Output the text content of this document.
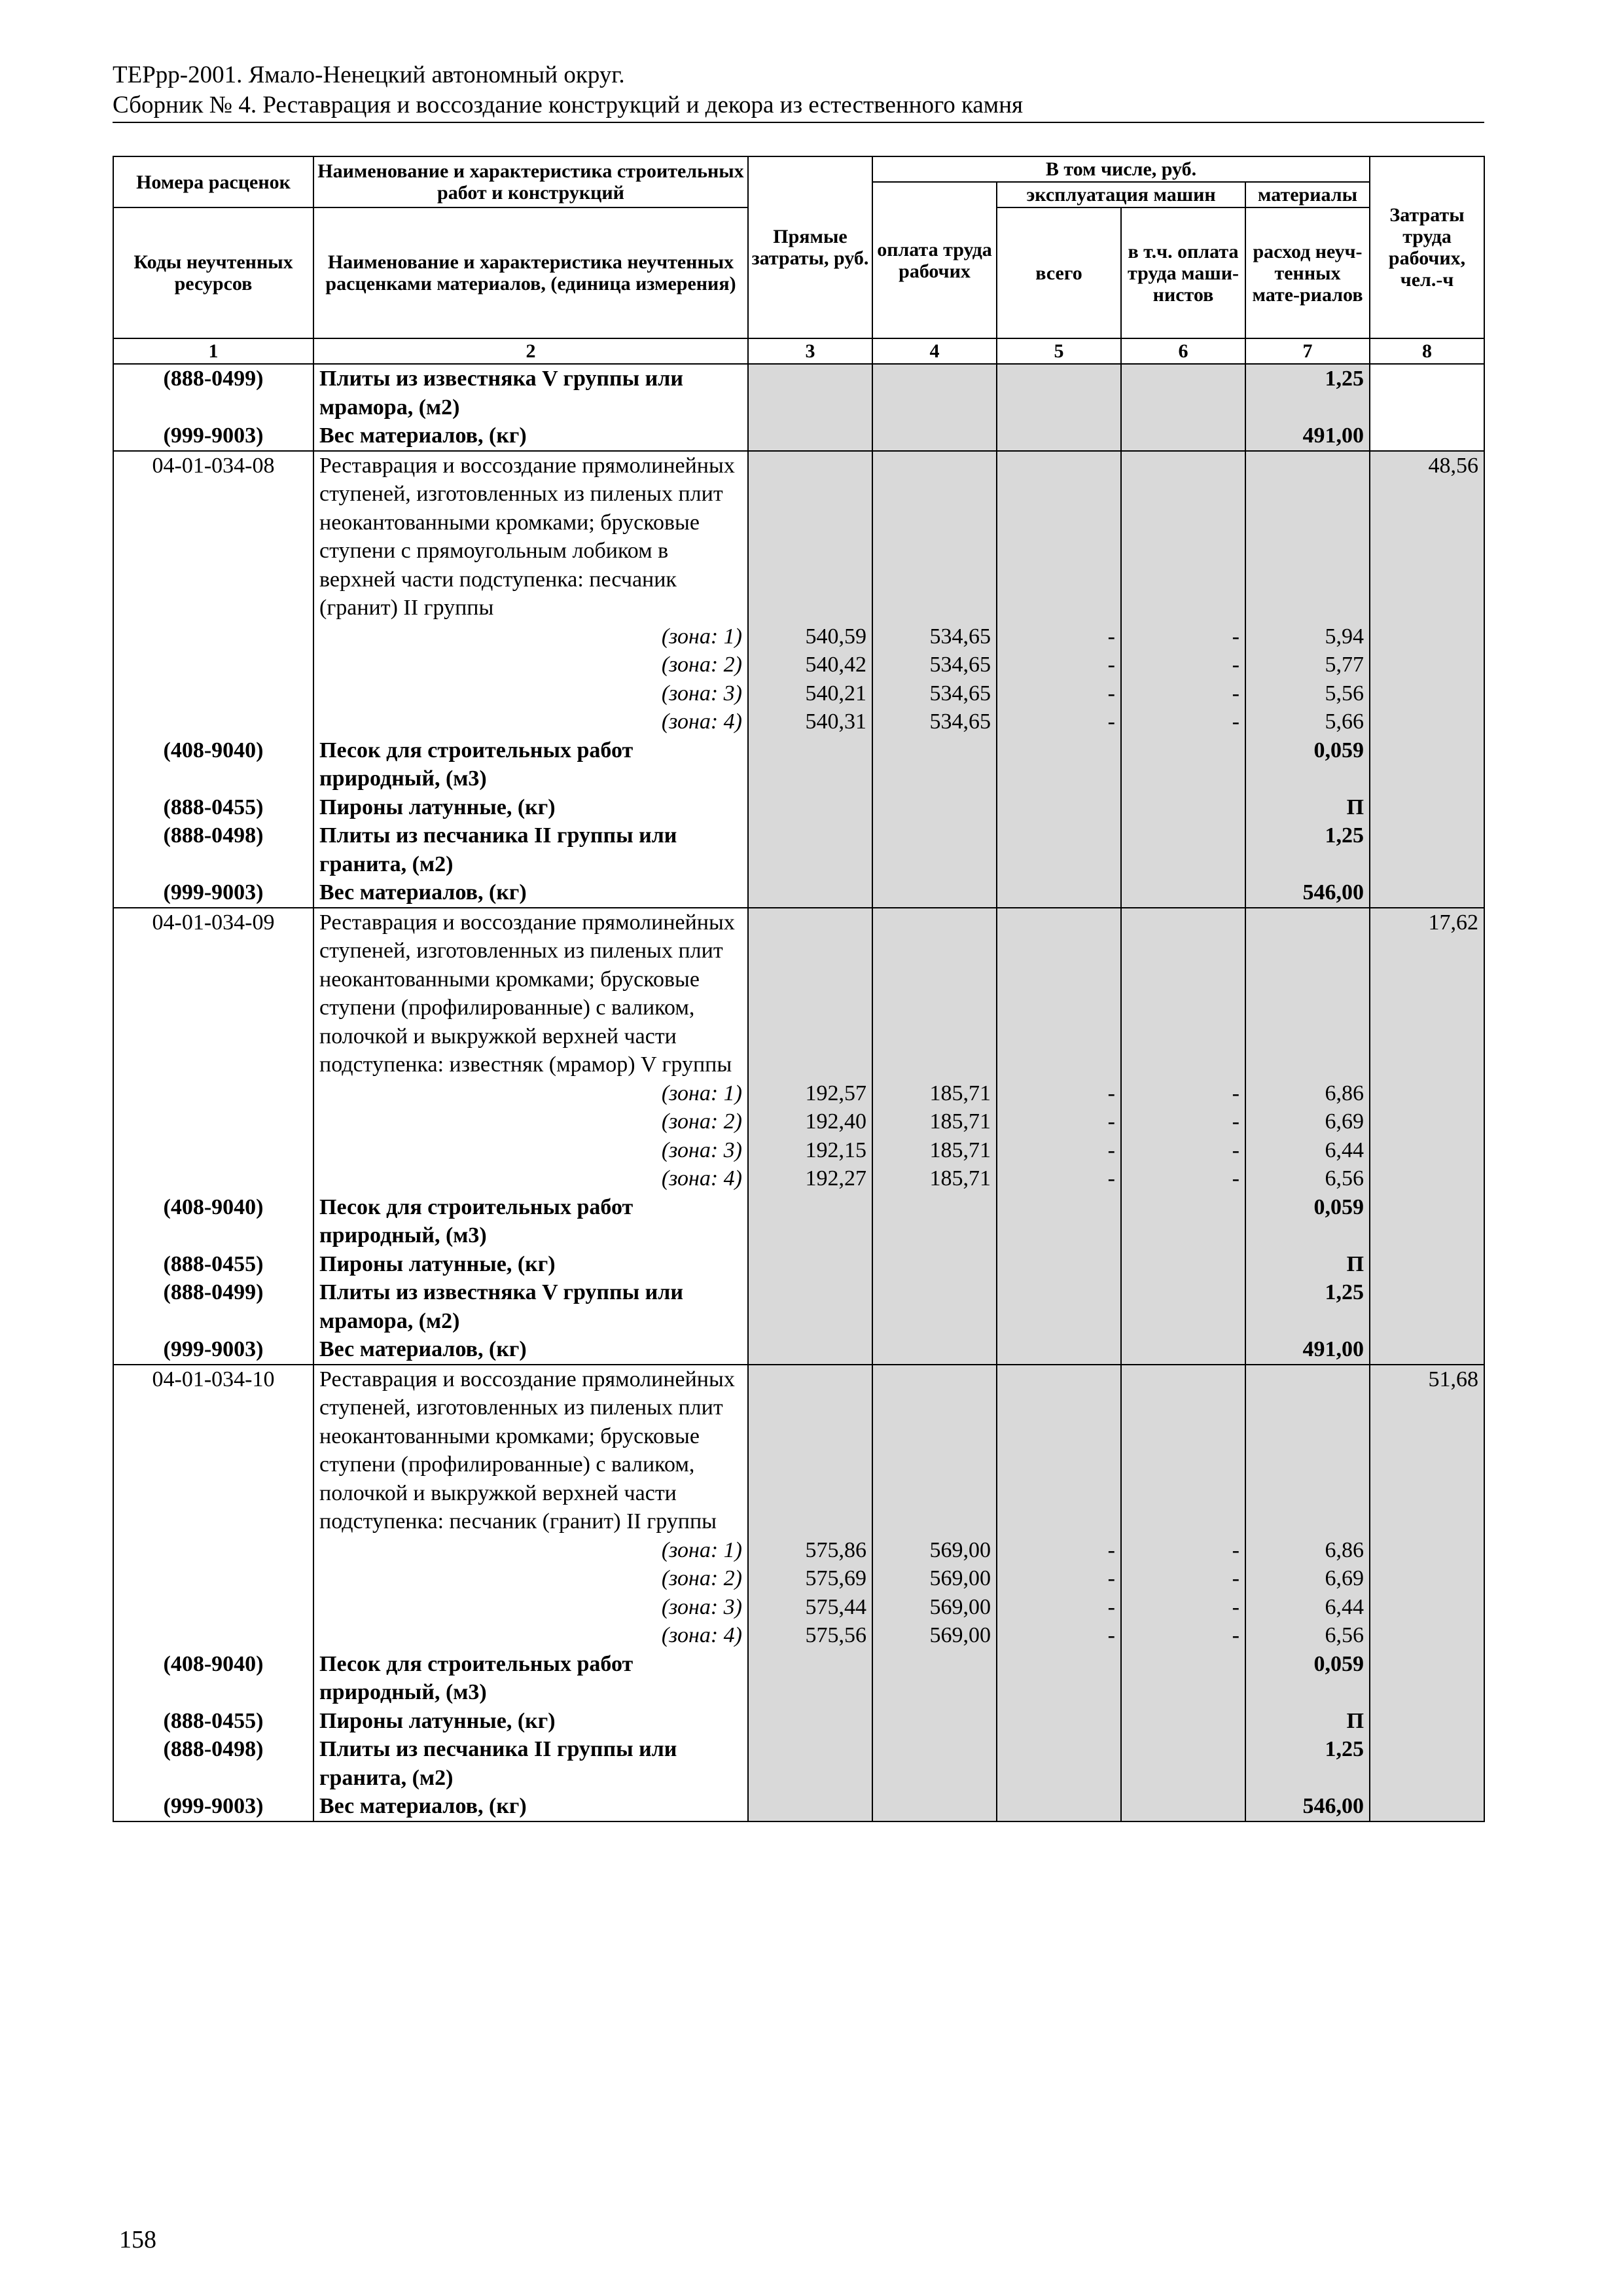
ТЕРрр-2001. Ямало-Ненецкий автономный округ.
Сборник № 4. Реставрация и воссоздание конструкций и декора из естественного камня
Номера расценок	Наименование и характеристика строительных работ и конструкций	Прямые затраты, руб.	В том числе, руб.				Затраты труда рабочих, чел.-ч
			оплата труда рабочих	эксплуатация машин		материалы	
Коды неучтенных ресурсов	Наименование и характеристика неучтенных расценками материалов, (единица измерения)			всего	в т.ч. оплата труда маши-нистов	расход неуч-тенных мате-риалов	

1	2	3	4	5	6	7	8
(888-0499)	Плиты из известняка V группы или мрамора, (м2)					1,25	
(999-9003)	Вес материалов, (кг)					491,00	
04-01-034-08	Реставрация и воссоздание прямолинейных ступеней, изготовленных из пиленых плит неокантованными кромками; брусковые ступени с прямоугольным лобиком в верхней части подступенка: песчаник (гранит) II группы						48,56
	(зона: 1)	540,59	534,65	-	-	5,94	
	(зона: 2)	540,42	534,65	-	-	5,77	
	(зона: 3)	540,21	534,65	-	-	5,56	
	(зона: 4)	540,31	534,65	-	-	5,66	
(408-9040)	Песок для строительных работ природный, (м3)					0,059	
(888-0455)	Пироны латунные, (кг)					П	
(888-0498)	Плиты из песчаника II группы или гранита, (м2)					1,25	
(999-9003)	Вес материалов, (кг)					546,00	
04-01-034-09	Реставрация и воссоздание прямолинейных ступеней, изготовленных из пиленых плит неокантованными кромками; брусковые ступени (профилированные) с валиком, полочкой и выкружкой верхней части подступенка: известняк (мрамор) V группы						17,62
	(зона: 1)	192,57	185,71	-	-	6,86	
	(зона: 2)	192,40	185,71	-	-	6,69	
	(зона: 3)	192,15	185,71	-	-	6,44	
	(зона: 4)	192,27	185,71	-	-	6,56	
(408-9040)	Песок для строительных работ природный, (м3)					0,059	
(888-0455)	Пироны латунные, (кг)					П	
(888-0499)	Плиты из известняка V группы или мрамора, (м2)					1,25	
(999-9003)	Вес материалов, (кг)					491,00	
04-01-034-10	Реставрация и воссоздание прямолинейных ступеней, изготовленных из пиленых плит неокантованными кромками; брусковые ступени (профилированные) с валиком, полочкой и выкружкой верхней части подступенка: песчаник (гранит) II группы						51,68
	(зона: 1)	575,86	569,00	-	-	6,86	
	(зона: 2)	575,69	569,00	-	-	6,69	
	(зона: 3)	575,44	569,00	-	-	6,44	
	(зона: 4)	575,56	569,00	-	-	6,56	
(408-9040)	Песок для строительных работ природный, (м3)					0,059	
(888-0455)	Пироны латунные, (кг)					П	
(888-0498)	Плиты из песчаника II группы или гранита, (м2)					1,25	
(999-9003)	Вес материалов, (кг)					546,00	
158
